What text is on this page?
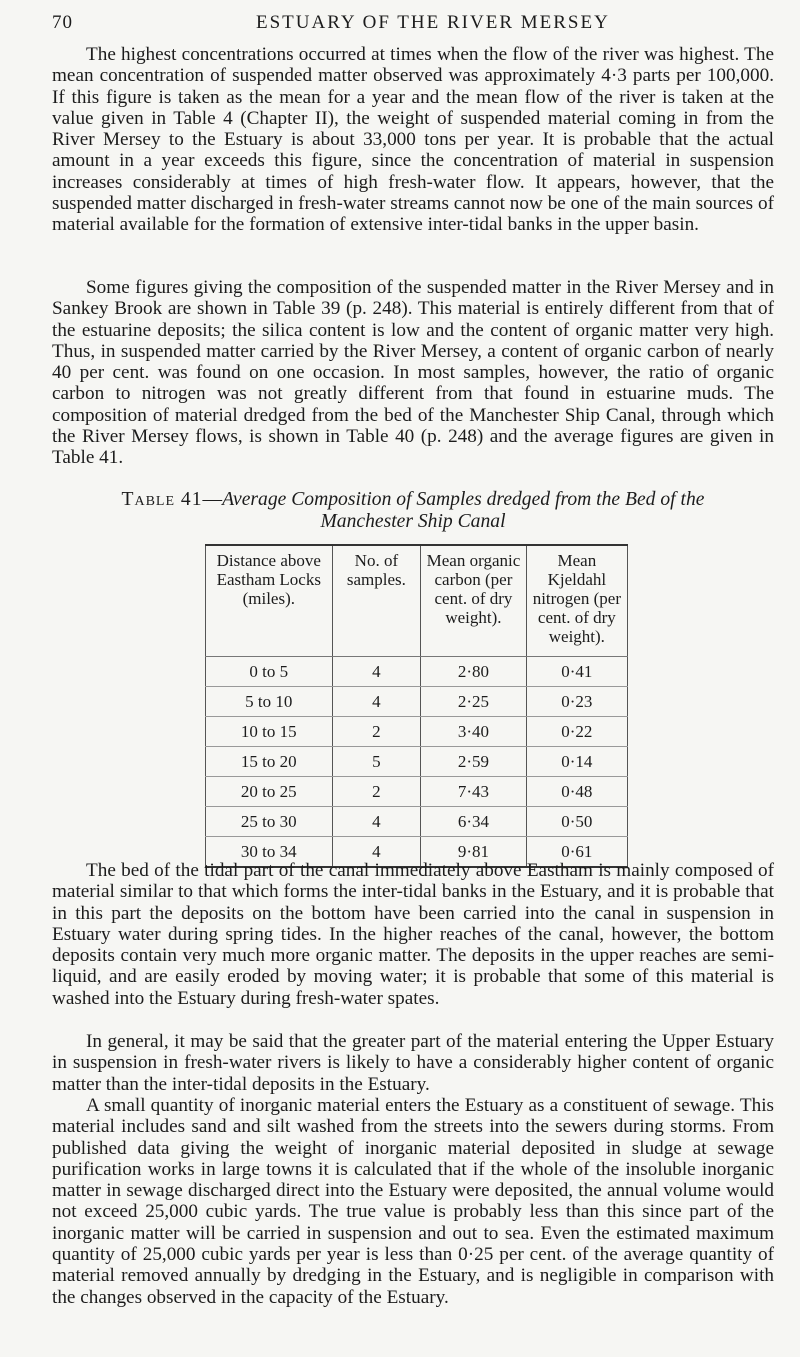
70	ESTUARY OF THE RIVER MERSEY

The highest concentrations occurred at times when the flow of the river was highest. The mean concentration of suspended matter observed was approximately 4·3 parts per 100,000. If this figure is taken as the mean for a year and the mean flow of the river is taken at the value given in Table 4 (Chapter II), the weight of suspended material coming in from the River Mersey to the Estuary is about 33,000 tons per year. It is probable that the actual amount in a year exceeds this figure, since the concentration of material in suspension increases considerably at times of high fresh-water flow. It appears, however, that the suspended matter discharged in fresh-water streams cannot now be one of the main sources of material available for the formation of extensive inter-tidal banks in the upper basin.

Some figures giving the composition of the suspended matter in the River Mersey and in Sankey Brook are shown in Table 39 (p. 248). This material is entirely different from that of the estuarine deposits; the silica content is low and the content of organic matter very high. Thus, in suspended matter carried by the River Mersey, a content of organic carbon of nearly 40 per cent. was found on one occasion. In most samples, however, the ratio of organic carbon to nitrogen was not greatly different from that found in estuarine muds. The composition of material dredged from the bed of the Manchester Ship Canal, through which the River Mersey flows, is shown in Table 40 (p. 248) and the average figures are given in Table 41.

Table 41—Average Composition of Samples dredged from the Bed of the
Manchester Ship Canal

Distance above Eastham Locks (miles).	No. of samples.	Mean organic carbon (per cent. of dry weight).	Mean Kjeldahl nitrogen (per cent. of dry weight).
0 to 5	4	2·80	0·41
5 to 10	4	2·25	0·23
10 to 15	2	3·40	0·22
15 to 20	5	2·59	0·14
20 to 25	2	7·43	0·48
25 to 30	4	6·34	0·50
30 to 34	4	9·81	0·61

The bed of the tidal part of the canal immediately above Eastham is mainly composed of material similar to that which forms the inter-tidal banks in the Estuary, and it is probable that in this part the deposits on the bottom have been carried into the canal in suspension in Estuary water during spring tides. In the higher reaches of the canal, however, the bottom deposits contain very much more organic matter. The deposits in the upper reaches are semi-liquid, and are easily eroded by moving water; it is probable that some of this material is washed into the Estuary during fresh-water spates.

In general, it may be said that the greater part of the material entering the Upper Estuary in suspension in fresh-water rivers is likely to have a considerably higher content of organic matter than the inter-tidal deposits in the Estuary.

A small quantity of inorganic material enters the Estuary as a constituent of sewage. This material includes sand and silt washed from the streets into the sewers during storms. From published data giving the weight of inorganic material deposited in sludge at sewage purification works in large towns it is calculated that if the whole of the insoluble inorganic matter in sewage discharged direct into the Estuary were deposited, the annual volume would not exceed 25,000 cubic yards. The true value is probably less than this since part of the inorganic matter will be carried in suspension and out to sea. Even the estimated maximum quantity of 25,000 cubic yards per year is less than 0·25 per cent. of the average quantity of material removed annually by dredging in the Estuary, and is negligible in comparison with the changes observed in the capacity of the Estuary.
